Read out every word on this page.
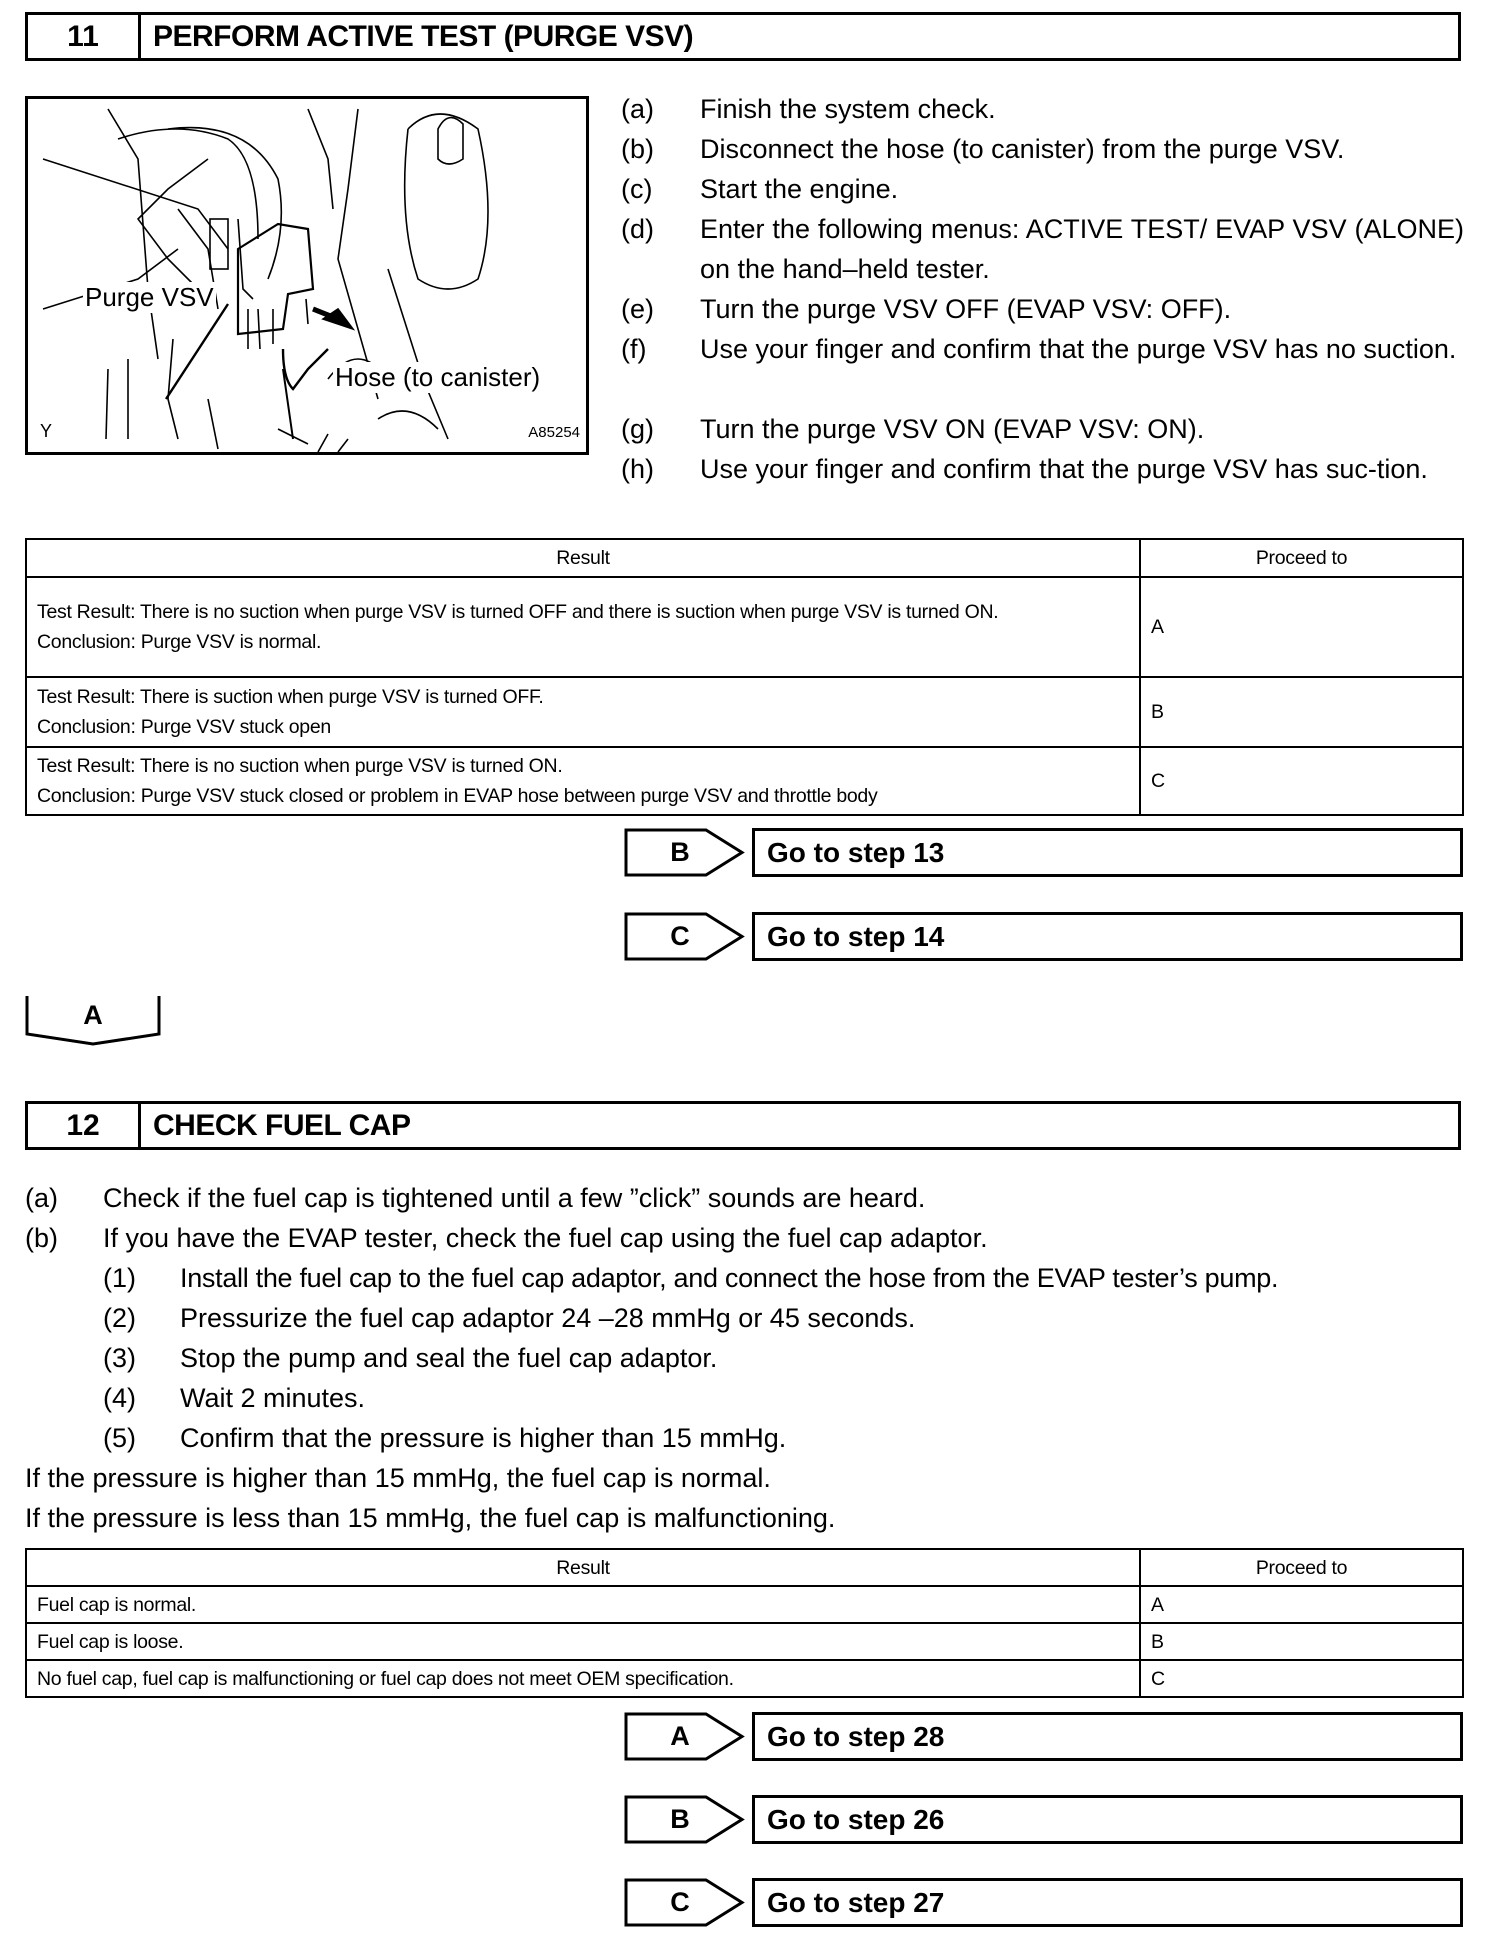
11	PERFORM ACTIVE TEST (PURGE VSV)
Purge VSV
Hose (to canister)
Y	A85254
(a) Finish the system check.
(b) Disconnect the hose (to canister) from the purge VSV.
(c) Start the engine.
(d) Enter the following menus: ACTIVE TEST/ EVAP VSV (ALONE) on the hand–held tester.
(e) Turn the purge VSV OFF (EVAP VSV: OFF).
(f) Use your finger and confirm that the purge VSV has no suction.
(g) Turn the purge VSV ON (EVAP VSV: ON).
(h) Use your finger and confirm that the purge VSV has suc-tion.
Result	Proceed to

Test Result: There is no suction when purge VSV is turned OFF and there is suction when purge VSV is turned ON.
Conclusion: Purge VSV is normal.	A

Test Result: There is suction when purge VSV is turned OFF.
Conclusion: Purge VSV stuck open	B

Test Result: There is no suction when purge VSV is turned ON.
Conclusion: Purge VSV stuck closed or problem in EVAP hose between purge VSV and throttle body	C
B	Go to step 13
C	Go to step 14
A
12	CHECK FUEL CAP
(a) Check if the fuel cap is tightened until a few ”click” sounds are heard.
(b) If you have the EVAP tester, check the fuel cap using the fuel cap adaptor.
(1) Install the fuel cap to the fuel cap adaptor, and connect the hose from the EVAP tester’s pump.
(2) Pressurize the fuel cap adaptor 24 –28 mmHg or 45 seconds.
(3) Stop the pump and seal the fuel cap adaptor.
(4) Wait 2 minutes.
(5) Confirm that the pressure is higher than 15 mmHg.
If the pressure is higher than 15 mmHg, the fuel cap is normal.
If the pressure is less than 15 mmHg, the fuel cap is malfunctioning.
Result	Proceed to
Fuel cap is normal.	A
Fuel cap is loose.	B
No fuel cap, fuel cap is malfunctioning or fuel cap does not meet OEM specification.	C
A	Go to step 28
B	Go to step 26
C	Go to step 27
